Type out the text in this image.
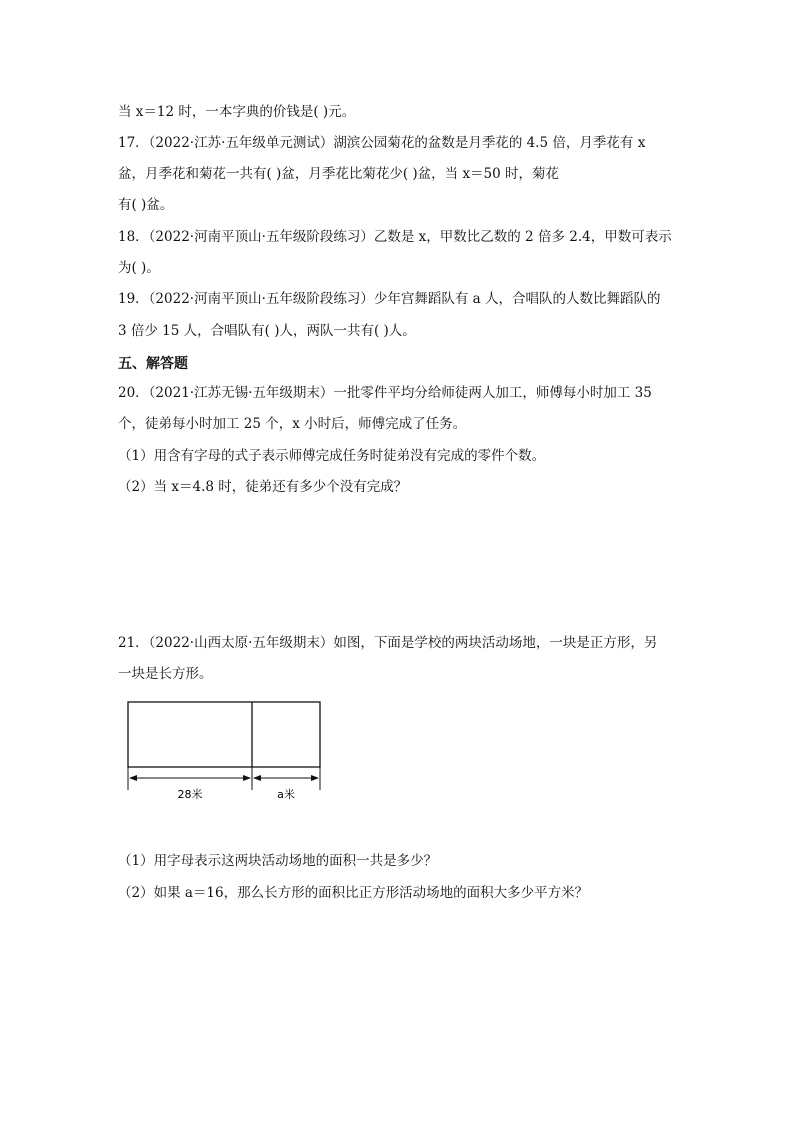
当 x＝12 时，一本字典的价钱是( )元。
17．（2022·江苏·五年级单元测试）湖滨公园菊花的盆数是月季花的 4.5 倍，月季花有 x
盆，月季花和菊花一共有( )盆，月季花比菊花少( )盆，当 x＝50 时，菊花
有( )盆。
18．（2022·河南平顶山·五年级阶段练习）乙数是 x，甲数比乙数的 2 倍多 2.4，甲数可表示
为( )。
19．（2022·河南平顶山·五年级阶段练习）少年宫舞蹈队有 a 人，合唱队的人数比舞蹈队的
3 倍少 15 人，合唱队有( )人，两队一共有( )人。
五、解答题
20．（2021·江苏无锡·五年级期末）一批零件平均分给师徒两人加工，师傅每小时加工 35
个，徒弟每小时加工 25 个，x 小时后，师傅完成了任务。
（1）用含有字母的式子表示师傅完成任务时徒弟没有完成的零件个数。
（2）当 x＝4.8 时，徒弟还有多少个没有完成？
21．（2022·山西太原·五年级期末）如图，下面是学校的两块活动场地，一块是正方形，另
一块是长方形。
28米	a米
（1）用字母表示这两块活动场地的面积一共是多少？
（2）如果 a＝16，那么长方形的面积比正方形活动场地的面积大多少平方米？
